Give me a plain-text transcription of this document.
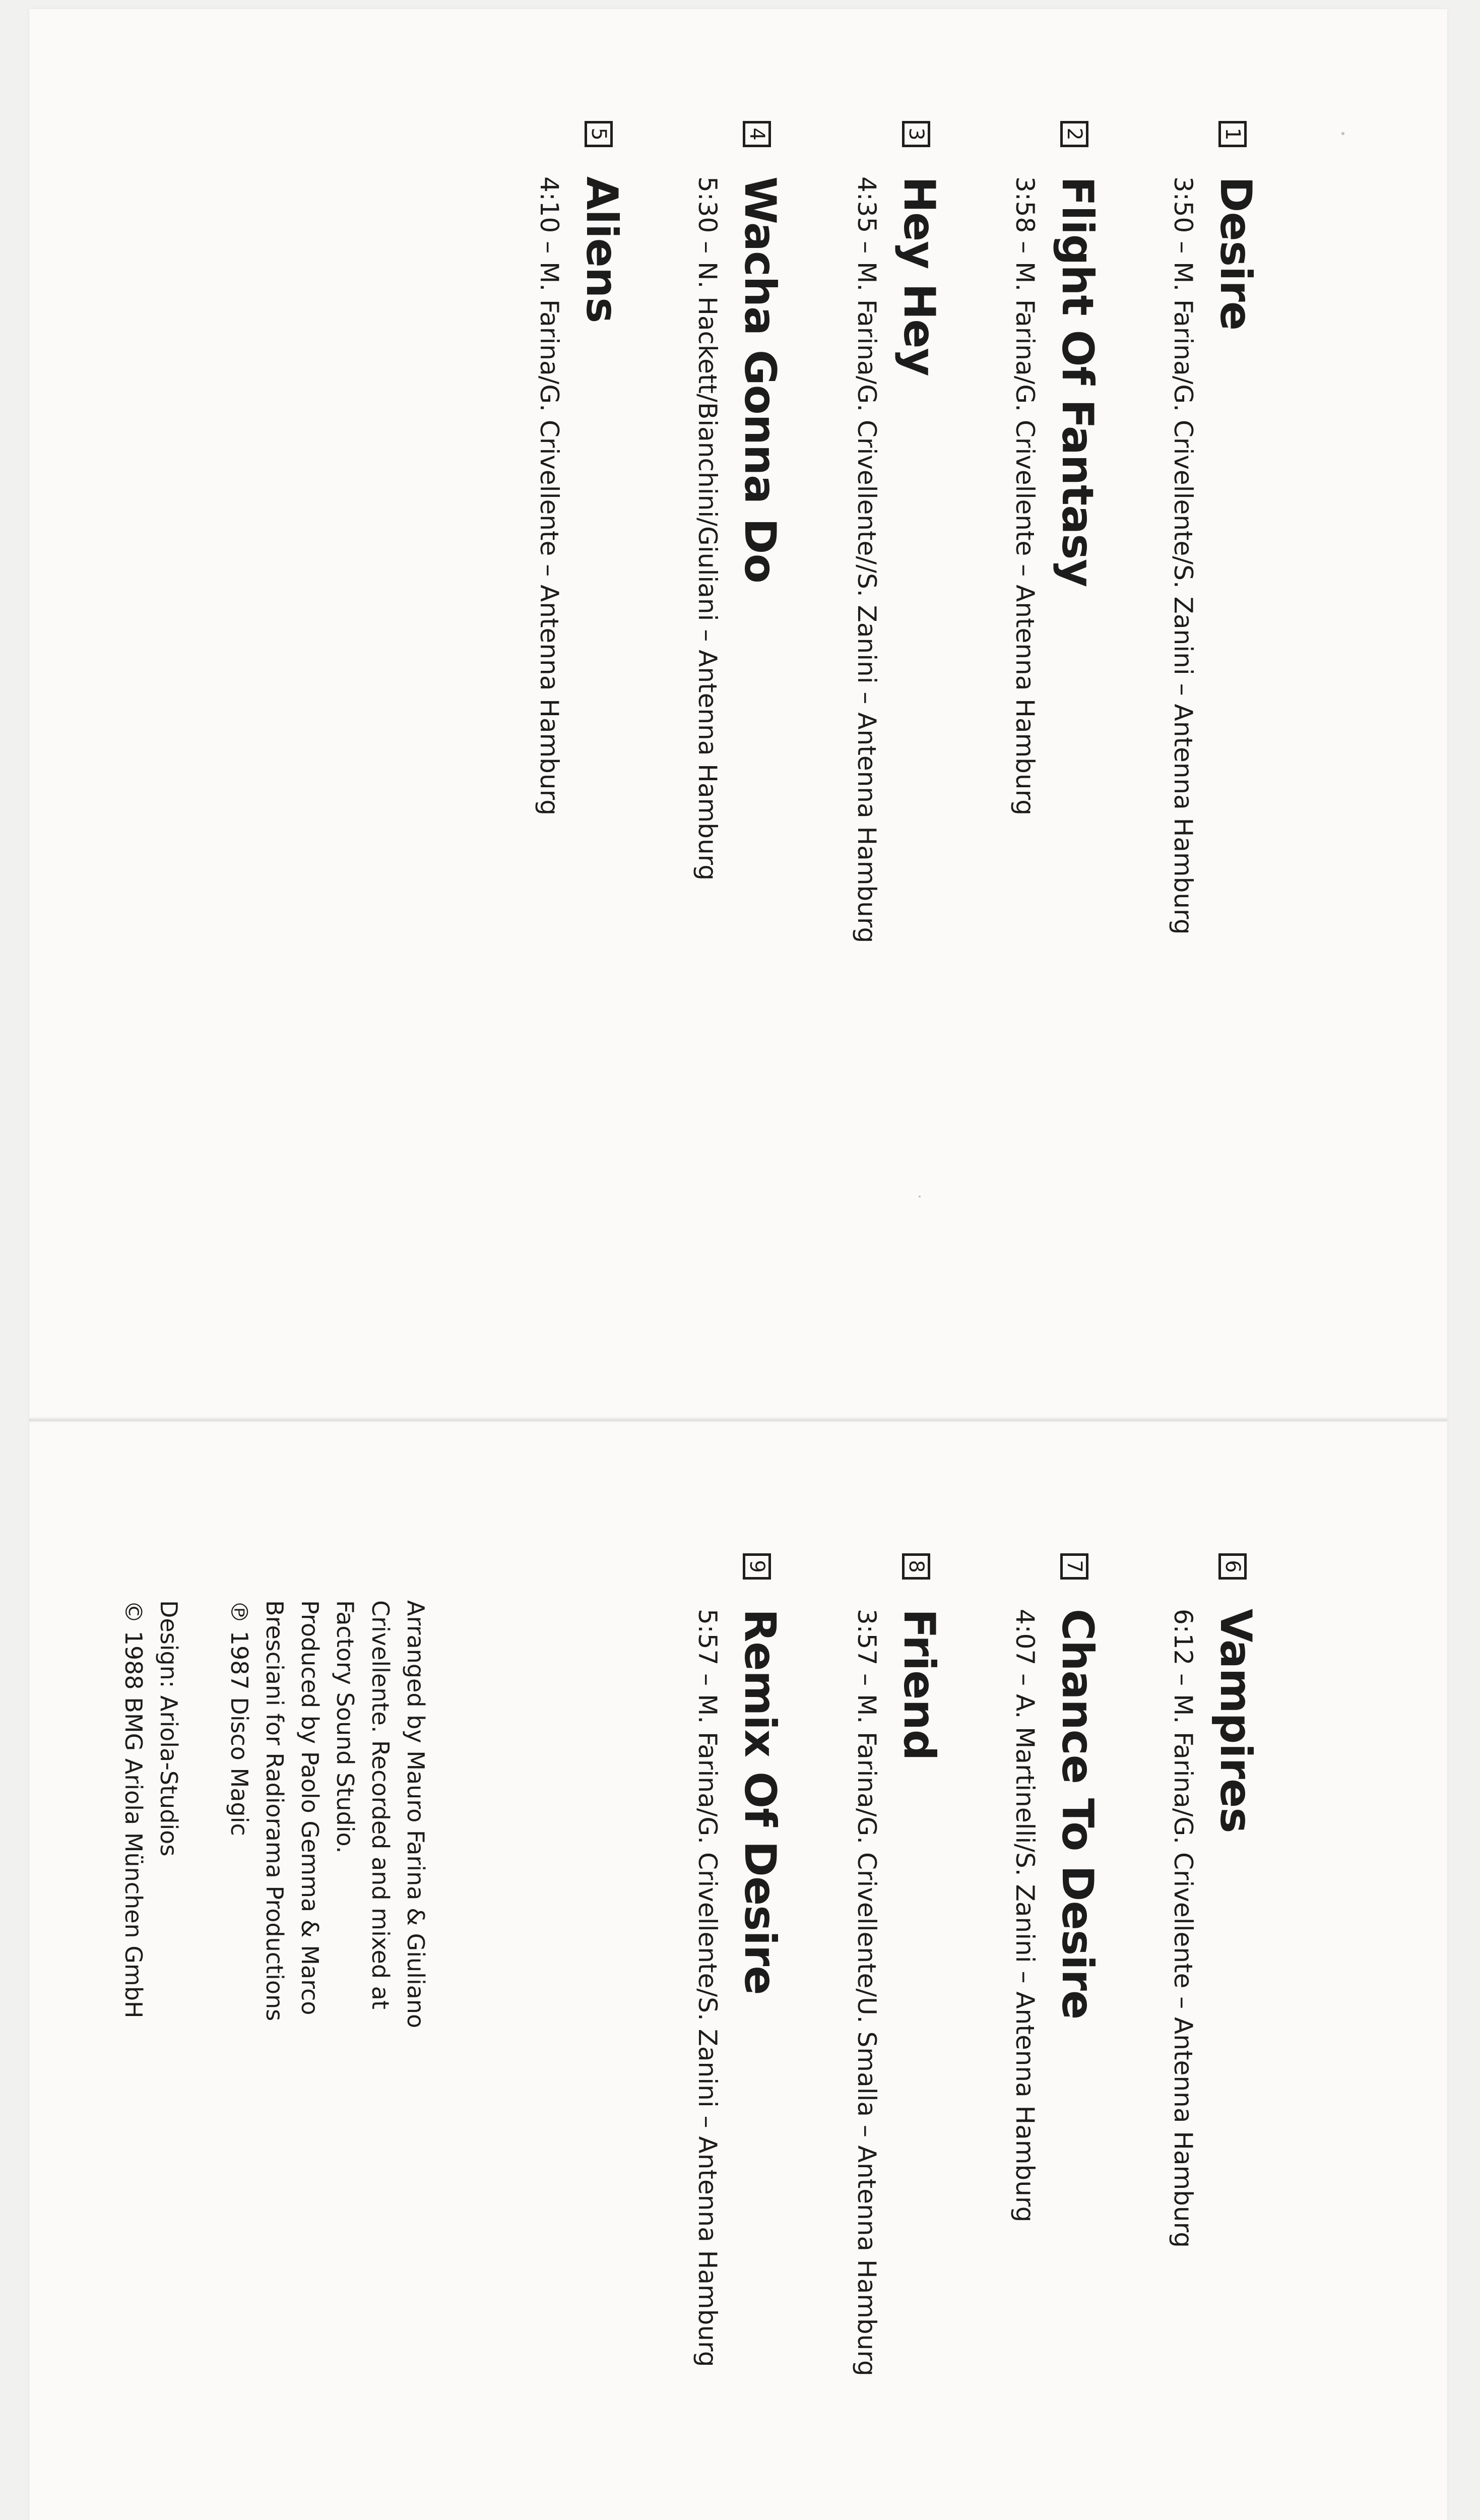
1
Desire
3:50 – M. Farina/G. Crivellente/S. Zanini – Antenna Hamburg
2
Flight Of Fantasy
3:58 – M. Farina/G. Crivellente – Antenna Hamburg
3
Hey Hey
4:35 – M. Farina/G. Crivellente//S. Zanini – Antenna Hamburg
4
Wacha Gonna Do
5:30 – N. Hackett/Bianchini/Giuliani – Antenna Hamburg
5
Aliens
4:10 – M. Farina/G. Crivellente – Antenna Hamburg
6
Vampires
6:12 – M. Farina/G. Crivellente – Antenna Hamburg
7
Chance To Desire
4:07 – A. Martinelli/S. Zanini – Antenna Hamburg
8
Friend
3:57 – M. Farina/G. Crivellente/U. Smalla – Antenna Hamburg
9
Remix Of Desire
5:57 – M. Farina/G. Crivellente/S. Zanini – Antenna Hamburg
Arranged by Mauro Farina & Giuliano
Crivellente. Recorded and mixed at
Factory Sound Studio.
Produced by Paolo Gemma & Marco
Bresciani for Radiorama Productions
℗ 1987 Disco Magic
Design: Ariola-Studios
© 1988 BMG Ariola München GmbH
